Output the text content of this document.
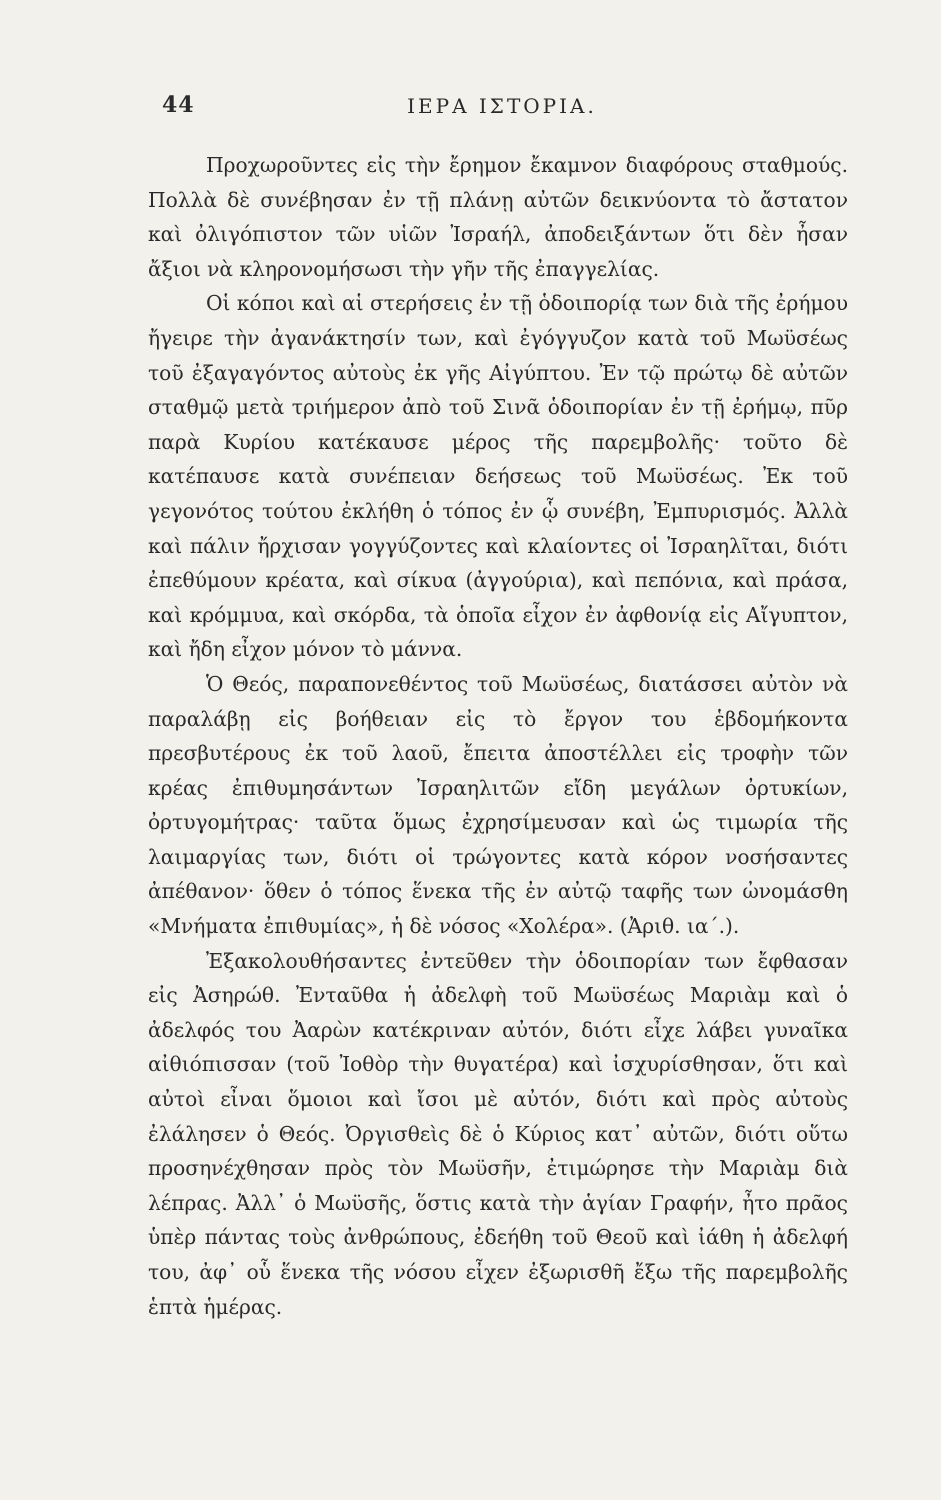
44	ΙΕΡΑ ΙΣΤΟΡΙΑ.

Προχωροῦντες εἰς τὴν ἔρημον ἔκαμνον διαφόρους σταθμούς. Πολλὰ δὲ συνέβησαν ἐν τῇ πλάνῃ αὐτῶν δεικνύοντα τὸ ἄστατον καὶ ὀλιγόπιστον τῶν υἱῶν Ἰσραήλ, ἀποδειξάντων ὅτι δὲν ἦσαν ἄξιοι νὰ κληρονομήσωσι τὴν γῆν τῆς ἐπαγγελίας.

Οἱ κόποι καὶ αἱ στερήσεις ἐν τῇ ὁδοιπορίᾳ των διὰ τῆς ἐρήμου ἤγειρε τὴν ἀγανάκτησίν των, καὶ ἐγόγγυζον κατὰ τοῦ Μωϋσέως τοῦ ἐξαγαγόντος αὐτοὺς ἐκ γῆς Αἰγύπτου. Ἐν τῷ πρώτῳ δὲ αὐτῶν σταθμῷ μετὰ τριήμερον ἀπὸ τοῦ Σινᾶ ὁδοιπορίαν ἐν τῇ ἐρήμῳ, πῦρ παρὰ Κυρίου κατέκαυσε μέρος τῆς παρεμβολῆς· τοῦτο δὲ κατέπαυσε κατὰ συνέπειαν δεήσεως τοῦ Μωϋσέως. Ἐκ τοῦ γεγονότος τούτου ἐκλήθη ὁ τόπος ἐν ᾧ συνέβη, Ἐμπυρισμός. Ἀλλὰ καὶ πάλιν ἤρχισαν γογγύζοντες καὶ κλαίοντες οἱ Ἰσραηλῖται, διότι ἐπεθύμουν κρέατα, καὶ σίκυα (ἀγγούρια), καὶ πεπόνια, καὶ πράσα, καὶ κρόμμυα, καὶ σκόρδα, τὰ ὁποῖα εἶχον ἐν ἀφθονίᾳ εἰς Αἴγυπτον, καὶ ἤδη εἶχον μόνον τὸ μάννα.

Ὁ Θεός, παραπονεθέντος τοῦ Μωϋσέως, διατάσσει αὐτὸν νὰ παραλάβῃ εἰς βοήθειαν εἰς τὸ ἔργον του ἑβδομήκοντα πρεσβυτέρους ἐκ τοῦ λαοῦ, ἔπειτα ἀποστέλλει εἰς τροφὴν τῶν κρέας ἐπιθυμησάντων Ἰσραηλιτῶν εἴδη μεγάλων ὀρτυκίων, ὀρτυγομήτρας· ταῦτα ὅμως ἐχρησίμευσαν καὶ ὡς τιμωρία τῆς λαιμαργίας των, διότι οἱ τρώγοντες κατὰ κόρον νοσήσαντες ἀπέθανον· ὅθεν ὁ τόπος ἕνεκα τῆς ἐν αὐτῷ ταφῆς των ὠνομάσθη «Μνήματα ἐπιθυμίας», ἡ δὲ νόσος «Χολέρα». (Ἀριθ. ια΄.).

Ἐξακολουθήσαντες ἐντεῦθεν τὴν ὁδοιπορίαν των ἔφθασαν εἰς Ἀσηρώθ. Ἐνταῦθα ἡ ἀδελφὴ τοῦ Μωϋσέως Μαριὰμ καὶ ὁ ἀδελφός του Ἀαρὼν κατέκριναν αὐτόν, διότι εἶχε λάβει γυναῖκα αἰθιόπισσαν (τοῦ Ἰοθὸρ τὴν θυγατέρα) καὶ ἰσχυρίσθησαν, ὅτι καὶ αὐτοὶ εἶναι ὅμοιοι καὶ ἴσοι μὲ αὐτόν, διότι καὶ πρὸς αὐτοὺς ἐλάλησεν ὁ Θεός. Ὀργισθεὶς δὲ ὁ Κύριος κατ᾽ αὐτῶν, διότι οὕτω προσηνέχθησαν πρὸς τὸν Μωϋσῆν, ἐτιμώρησε τὴν Μαριὰμ διὰ λέπρας. Ἀλλ᾽ ὁ Μωϋσῆς, ὅστις κατὰ τὴν ἁγίαν Γραφήν, ἦτο πρᾶος ὑπὲρ πάντας τοὺς ἀνθρώπους, ἐδεήθη τοῦ Θεοῦ καὶ ἰάθη ἡ ἀδελφή του, ἀφ᾽ οὗ ἕνεκα τῆς νόσου εἶχεν ἐξωρισθῆ ἔξω τῆς παρεμβολῆς ἑπτὰ ἡμέρας.
